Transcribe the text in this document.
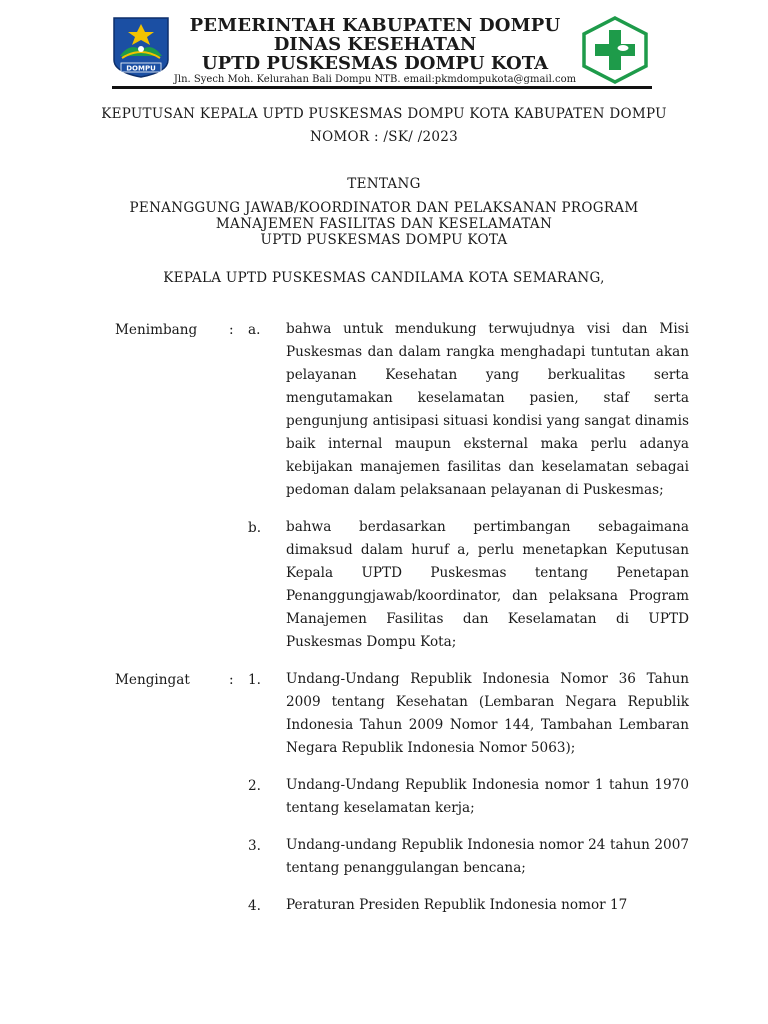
DOMPU
PEMERINTAH KABUPATEN DOMPU
DINAS KESEHATAN
UPTD PUSKESMAS DOMPU KOTA
Jln. Syech Moh. Kelurahan Bali Dompu NTB. email:pkmdompukota@gmail.com
KEPUTUSAN KEPALA UPTD PUSKESMAS DOMPU KOTA KABUPATEN DOMPU
NOMOR : /SK/ /2023
TENTANG
PENANGGUNG JAWAB/KOORDINATOR DAN PELAKSANAN PROGRAM
MANAJEMEN FASILITAS DAN KESELAMATAN
UPTD PUSKESMAS DOMPU KOTA
KEPALA UPTD PUSKESMAS CANDILAMA KOTA SEMARANG,
Menimbang : a. bahwa untuk mendukung terwujudnya visi dan Misi Puskesmas dan dalam rangka menghadapi tuntutan akan pelayanan Kesehatan yang berkualitas serta mengutamakan keselamatan pasien, staf serta pengunjung antisipasi situasi kondisi yang sangat dinamis baik internal maupun eksternal maka perlu adanya kebijakan manajemen fasilitas dan keselamatan sebagai pedoman dalam pelaksanaan pelayanan di Puskesmas;
b. bahwa berdasarkan pertimbangan sebagaimana dimaksud dalam huruf a, perlu menetapkan Keputusan Kepala UPTD Puskesmas tentang Penetapan Penanggungjawab/koordinator, dan pelaksana Program Manajemen Fasilitas dan Keselamatan di UPTD Puskesmas Dompu Kota;
Mengingat	: 1. Undang-Undang Republik Indonesia Nomor 36 Tahun 2009 tentang Kesehatan (Lembaran Negara Republik Indonesia Tahun 2009 Nomor 144, Tambahan Lembaran Negara Republik Indonesia Nomor 5063);
2. Undang-Undang Republik Indonesia nomor 1 tahun 1970 tentang keselamatan kerja;
3. Undang-undang Republik Indonesia nomor 24 tahun 2007 tentang penanggulangan bencana;
4. Peraturan Presiden Republik Indonesia nomor 17
